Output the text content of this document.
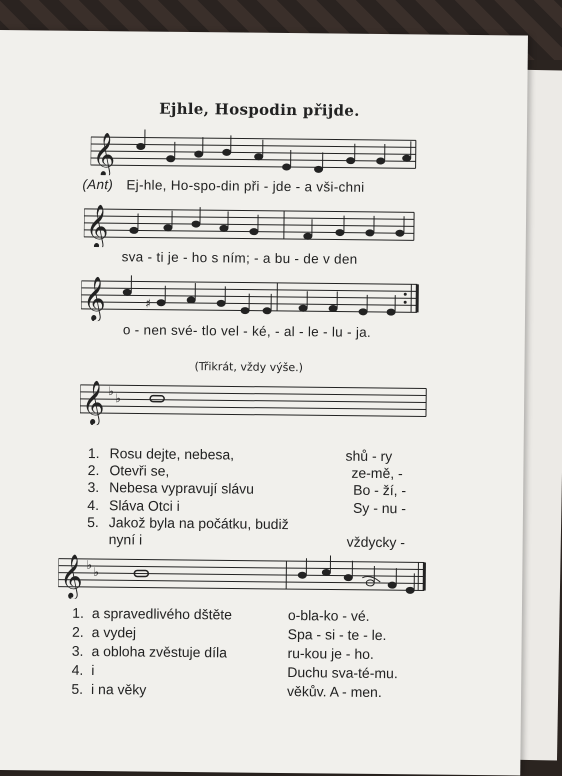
Ejhle, Hospodin přijde.
𝄞
(Ant) Ej-hle, Ho-spo-din při - jde - a vši-chni
𝄞
sva - ti je - ho s ním; - a bu - de v den
𝄞	♯
o - nen své- tlo vel - ké, - al - le - lu - ja.
(Třikrát, vždy výše.)
𝄞 ♭
♭
1. Rosu dejte, nebesa,	shů - ry
2. Otevři se,	ze-mě, -
3. Nebesa vypravují slávu	Bo - ží, -
4. Sláva Otci i	Sy - nu -
5. Jakož byla na počátku, budiž
nyní i	vždycky -
𝄞 ♭
♭
1. a spravedlivého dštěte	o-bla-ko - vé.
2. a vydej	Spa - si - te - le.
3. a obloha zvěstuje díla	ru-kou je - ho.
4. i	Duchu sva-té-mu.
5. i na věky	věkův. A - men.
